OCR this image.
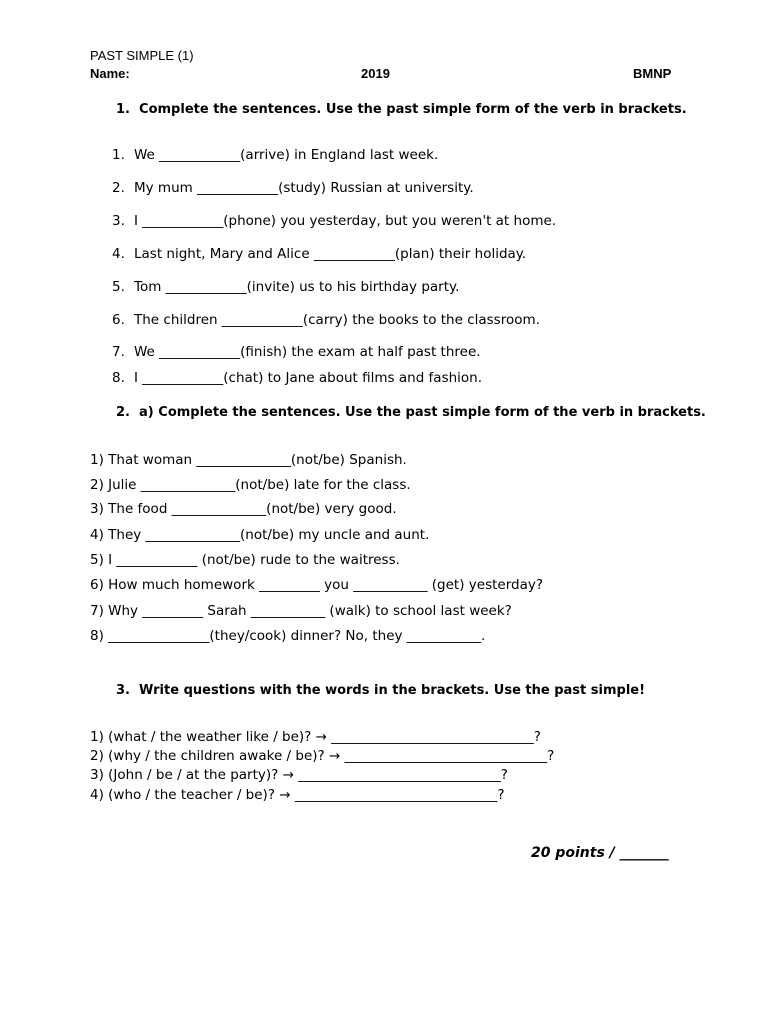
PAST SIMPLE (1)
Name:	2019	BMNP
1.  Complete the sentences. Use the past simple form of the verb in brackets.
1. We ____________(arrive) in England last week.
2. My mum ____________(study) Russian at university.
3. I ____________(phone) you yesterday, but you weren't at home.
4. Last night, Mary and Alice ____________(plan) their holiday.
5. Tom ____________(invite) us to his birthday party.
6. The children ____________(carry) the books to the classroom.
7. We ____________(finish) the exam at half past three.
8. I ____________(chat) to Jane about films and fashion.
2.  a) Complete the sentences. Use the past simple form of the verb in brackets.
1) That woman ______________(not/be) Spanish.
2) Julie ______________(not/be) late for the class.
3) The food ______________(not/be) very good.
4) They ______________(not/be) my uncle and aunt.
5) I ____________ (not/be) rude to the waitress.
6) How much homework _________ you ___________ (get) yesterday?
7) Why _________ Sarah ___________ (walk) to school last week?
8) _______________(they/cook) dinner? No, they ___________.
3.  Write questions with the words in the brackets. Use the past simple!
1) (what / the weather like / be)? → ______________________________?
2) (why / the children awake / be)? → ______________________________?
3) (John / be / at the party)? → ______________________________?
4) (who / the teacher / be)? → ______________________________?
20 points / _______
